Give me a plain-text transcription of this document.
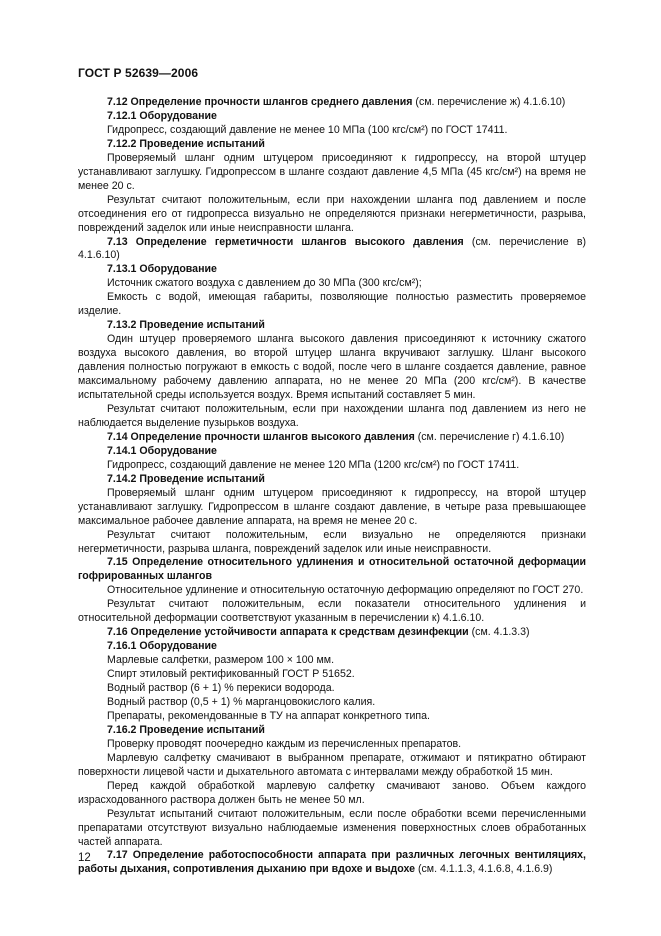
ГОСТ Р 52639—2006

7.12 Определение прочности шлангов среднего давления (см. перечисление ж) 4.1.6.10)

7.12.1 Оборудование

Гидропресс, создающий давление не менее 10 МПа (100 кгс/см²) по ГОСТ 17411.

7.12.2 Проведение испытаний

Проверяемый шланг одним штуцером присоединяют к гидропрессу, на второй штуцер устанавливают заглушку. Гидропрессом в шланге создают давление 4,5 МПа (45 кгс/см²) на время не менее 20 с.

Результат считают положительным, если при нахождении шланга под давлением и после отсоединения его от гидропресса визуально не определяются признаки негерметичности, разрыва, повреждений заделок или иные неисправности шланга.

7.13 Определение герметичности шлангов высокого давления (см. перечисление в) 4.1.6.10)

7.13.1 Оборудование

Источник сжатого воздуха с давлением до 30 МПа (300 кгс/см²);

Емкость с водой, имеющая габариты, позволяющие полностью разместить проверяемое изделие.

7.13.2 Проведение испытаний

Один штуцер проверяемого шланга высокого давления присоединяют к источнику сжатого воздуха высокого давления, во второй штуцер шланга вкручивают заглушку. Шланг высокого давления полностью погружают в емкость с водой, после чего в шланге создается давление, равное максимальному рабочему давлению аппарата, но не менее 20 МПа (200 кгс/см²). В качестве испытательной среды используется воздух. Время испытаний составляет 5 мин.

Результат считают положительным, если при нахождении шланга под давлением из него не наблюдается выделение пузырьков воздуха.

7.14 Определение прочности шлангов высокого давления (см. перечисление г) 4.1.6.10)

7.14.1 Оборудование

Гидропресс, создающий давление не менее 120 МПа (1200 кгс/см²) по ГОСТ 17411.

7.14.2 Проведение испытаний

Проверяемый шланг одним штуцером присоединяют к гидропрессу, на второй штуцер устанавливают заглушку. Гидропрессом в шланге создают давление, в четыре раза превышающее максимальное рабочее давление аппарата, на время не менее 20 с.

Результат считают положительным, если визуально не определяются признаки негерметичности, разрыва шланга, повреждений заделок или иные неисправности.

7.15 Определение относительного удлинения и относительной остаточной деформации гофрированных шлангов

Относительное удлинение и относительную остаточную деформацию определяют по ГОСТ 270.

Результат считают положительным, если показатели относительного удлинения и относительной деформации соответствуют указанным в перечислении к) 4.1.6.10.

7.16 Определение устойчивости аппарата к средствам дезинфекции (см. 4.1.3.3)

7.16.1 Оборудование

Марлевые салфетки, размером 100 × 100 мм.

Спирт этиловый ректификованный ГОСТ Р 51652.

Водный раствор (6 + 1) % перекиси водорода.

Водный раствор (0,5 + 1) % марганцовокислого калия.

Препараты, рекомендованные в ТУ на аппарат конкретного типа.

7.16.2 Проведение испытаний

Проверку проводят поочередно каждым из перечисленных препаратов.

Марлевую салфетку смачивают в выбранном препарате, отжимают и пятикратно обтирают поверхности лицевой части и дыхательного автомата с интервалами между обработкой 15 мин.

Перед каждой обработкой марлевую салфетку смачивают заново. Объем каждого израсходованного раствора должен быть не менее 50 мл.

Результат испытаний считают положительным, если после обработки всеми перечисленными препаратами отсутствуют визуально наблюдаемые изменения поверхностных слоев обработанных частей аппарата.

7.17 Определение работоспособности аппарата при различных легочных вентиляциях, работы дыхания, сопротивления дыханию при вдохе и выдохе (см. 4.1.1.3, 4.1.6.8, 4.1.6.9)

12
